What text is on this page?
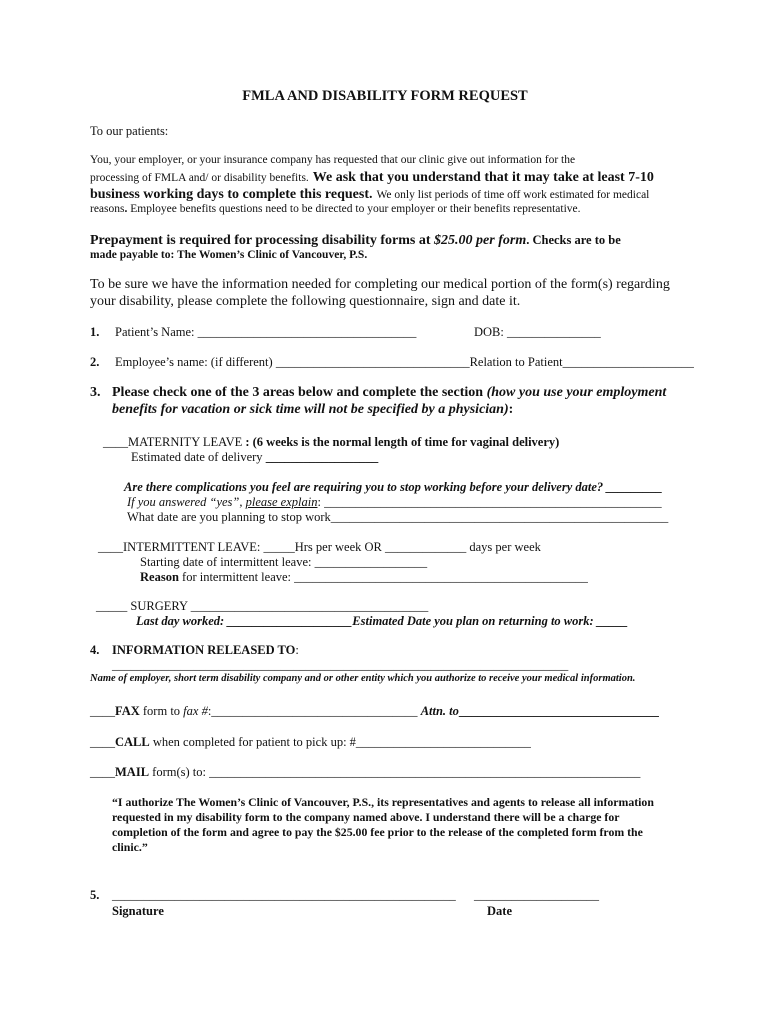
FMLA AND DISABILITY FORM REQUEST
To our patients:
You, your employer, or your insurance company has requested that our clinic give out information for the
processing of FMLA and/ or disability benefits. We ask that you understand that it may take at least 7-10
business working days to complete this request. We only list periods of time off work estimated for medical
reasons. Employee benefits questions need to be directed to your employer or their benefits representative.
Prepayment is required for processing disability forms at $25.00 per form. Checks are to be
made payable to: The Women’s Clinic of Vancouver, P.S.
To be sure we have the information needed for completing our medical portion of the form(s) regarding
your disability, please complete the following questionnaire, sign and date it.
1. Patient’s Name: ___________________________________	DOB: _______________
2. Employee’s name: (if different) _______________________________Relation to Patient_____________________
3. Please check one of the 3 areas below and complete the section (how you use your employment
benefits for vacation or sick time will not be specified by a physician):
____MATERNITY LEAVE : (6 weeks is the normal length of time for vaginal delivery)
Estimated date of delivery __________________
Are there complications you feel are requiring you to stop working before your delivery date? _________
If you answered “yes”, please explain: ______________________________________________________
What date are you planning to stop work______________________________________________________
____INTERMITTENT LEAVE: _____Hrs per week OR _____________ days per week
Starting date of intermittent leave: __________________
Reason for intermittent leave: _______________________________________________
_____ SURGERY ______________________________________
Last day worked: ____________________Estimated Date you plan on returning to work: _____
4. INFORMATION RELEASED TO:
_________________________________________________________________________
Name of employer, short term disability company and or other entity which you authorize to receive your medical information.
____FAX form to fax #:_________________________________ Attn. to________________________________
____CALL when completed for patient to pick up: #____________________________
____MAIL form(s) to: _____________________________________________________________________
“I authorize The Women’s Clinic of Vancouver, P.S., its representatives and agents to release all information
requested in my disability form to the company named above. I understand there will be a charge for
completion of the form and agree to pay the $25.00 fee prior to the release of the completed form from the
clinic.”
5. _______________________________________________________ ____________________
Signature	Date
